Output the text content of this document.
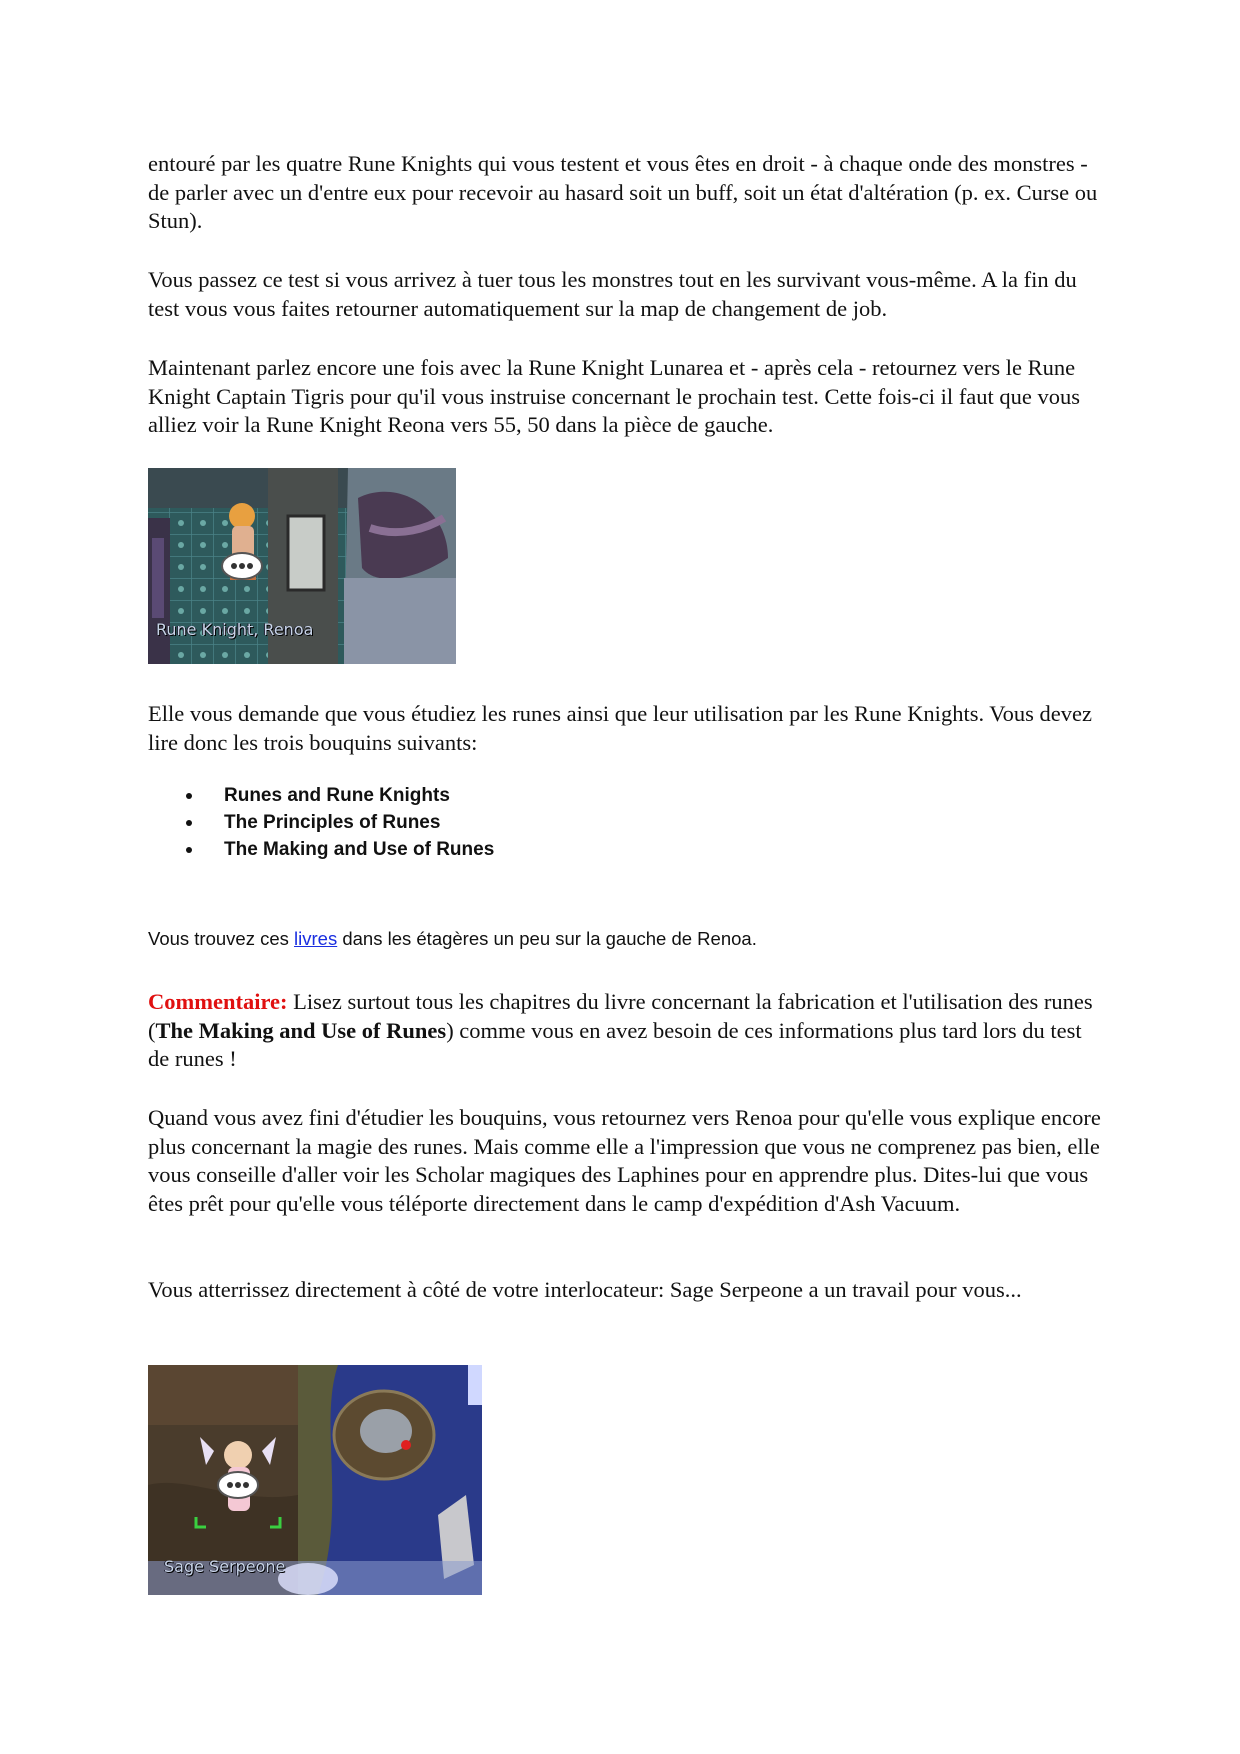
entouré par les quatre Rune Knights qui vous testent et vous êtes en droit - à chaque onde des monstres - de parler avec un d'entre eux pour recevoir au hasard soit un buff, soit un état d'altération (p. ex. Curse ou Stun).

Vous passez ce test si vous arrivez à tuer tous les monstres tout en les survivant vous-même. A la fin du test vous vous faites retourner automatiquement sur la map de changement de job.

Maintenant parlez encore une fois avec la Rune Knight Lunarea et - après cela - retournez vers le Rune Knight Captain Tigris pour qu'il vous instruise concernant le prochain test. Cette fois-ci il faut que vous alliez voir la Rune Knight Reona vers 55, 50 dans la pièce de gauche.

Rune Knight, Renoa

Elle vous demande que vous étudiez les runes ainsi que leur utilisation par les Rune Knights. Vous devez lire donc les trois bouquins suivants:

Runes and Rune Knights
The Principles of Runes
The Making and Use of Runes

Vous trouvez ces livres dans les étagères un peu sur la gauche de Renoa.

Commentaire: Lisez surtout tous les chapitres du livre concernant la fabrication et l'utilisation des runes (The Making and Use of Runes) comme vous en avez besoin de ces informations plus tard lors du test de runes !

Quand vous avez fini d'étudier les bouquins, vous retournez vers Renoa pour qu'elle vous explique encore plus concernant la magie des runes. Mais comme elle a l'impression que vous ne comprenez pas bien, elle vous conseille d'aller voir les Scholar magiques des Laphines pour en apprendre plus. Dites-lui que vous êtes prêt pour qu'elle vous téléporte directement dans le camp d'expédition d'Ash Vacuum.

Vous atterrissez directement à côté de votre interlocateur: Sage Serpeone a un travail pour vous...

Sage Serpeone
